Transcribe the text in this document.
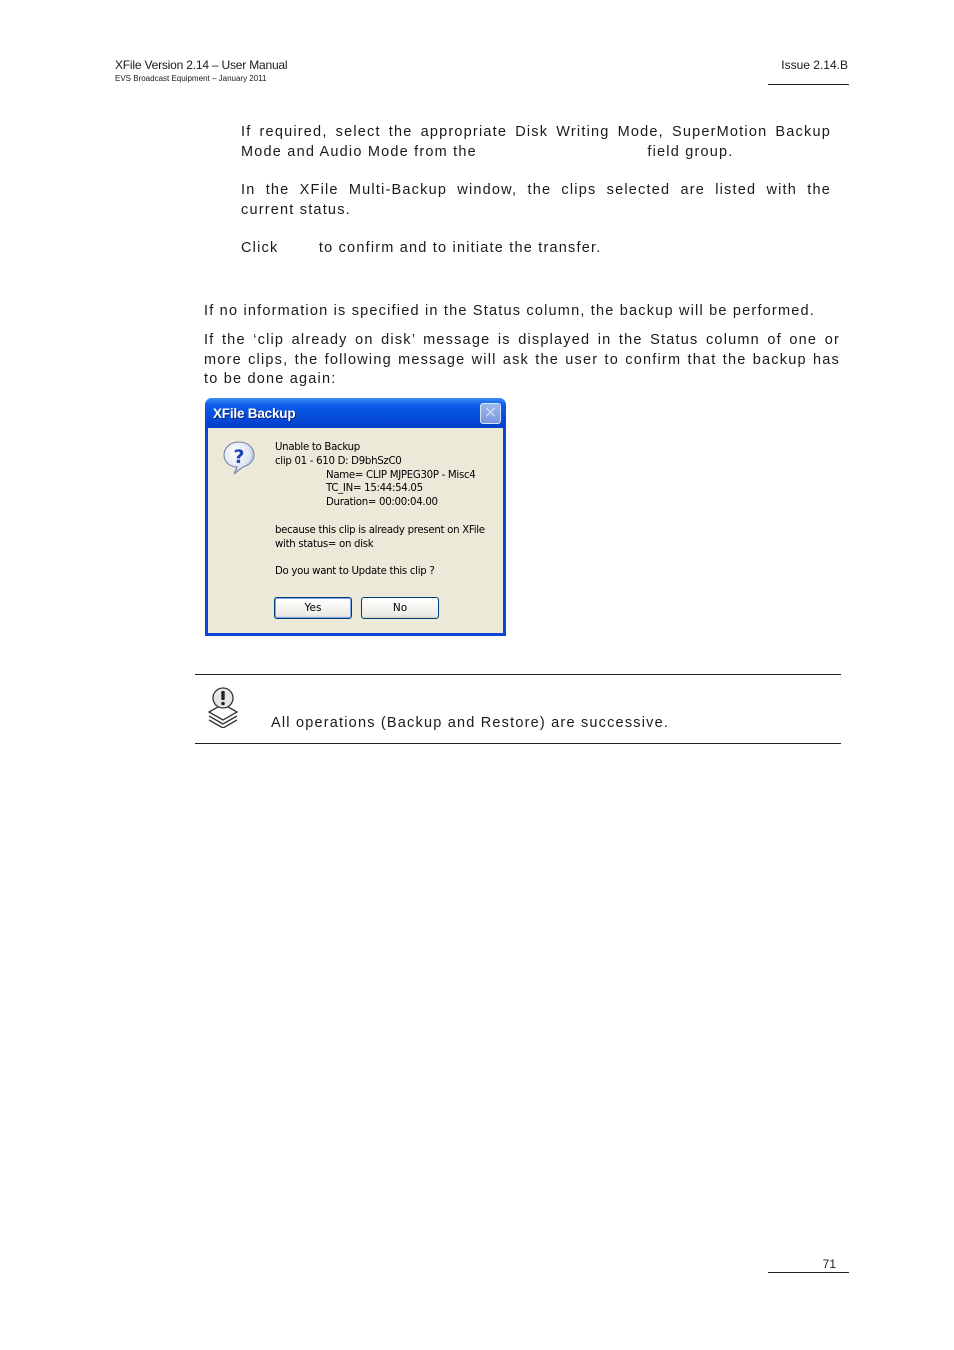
XFile Version 2.14 – User Manual
EVS Broadcast Equipment – January 2011
Issue 2.14.B
If required, select the appropriate Disk Writing Mode, SuperMotion Backup Mode and Audio Mode from the	field group.
In the XFile Multi-Backup window, the clips selected are listed with the current status.
Click	to confirm and to initiate the transfer.
If no information is specified in the Status column, the backup will be performed.
If the ‘clip already on disk’ message is displayed in the Status column of one or more clips, the following message will ask the user to confirm that the backup has to be done again:
XFile Backup	✕
?	Unable to Backup
clip 01 - 610 D: D9bhSzC0
Name= CLIP MJPEG30P - Misc4
TC_IN= 15:44:54.05
Duration= 00:00:04.00
because this clip is already present on XFile
with status= on disk
Do you want to Update this clip ?
Yes	No
All operations (Backup and Restore) are successive.
71
